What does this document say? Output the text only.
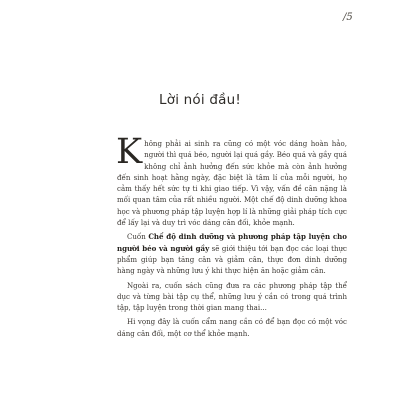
/5
Lời nói đầu!

Không phải ai sinh ra cũng có một vóc dáng hoàn hảo, người thì quá béo, người lại quá gầy. Béo quá và gầy quá không chỉ ảnh hưởng đến sức khỏe mà còn ảnh hưởng đến sinh hoạt hằng ngày, đặc biệt là tâm lí của mỗi người, họ cảm thấy hết sức tự ti khi giao tiếp. Vì vậy, vấn đề cân nặng là mối quan tâm của rất nhiều người. Một chế độ dinh dưỡng khoa học và phương pháp tập luyện hợp lí là những giải pháp tích cực để lấy lại và duy trì vóc dáng cân đối, khỏe mạnh.

Cuốn Chế độ dinh dưỡng và phương pháp tập luyện cho người béo và người gầy sẽ giới thiệu tới bạn đọc các loại thực phẩm giúp bạn tăng cân và giảm cân, thực đơn dinh dưỡng hàng ngày và những lưu ý khi thực hiện ăn hoặc giảm cân.

Ngoài ra, cuốn sách cũng đưa ra các phương pháp tập thể dục và từng bài tập cụ thể, những lưu ý cần có trong quá trình tập, tập luyện trong thời gian mang thai...

Hi vọng đây là cuốn cẩm nang cần có để bạn đọc có một vóc dáng cân đối, một cơ thể khỏe mạnh.
